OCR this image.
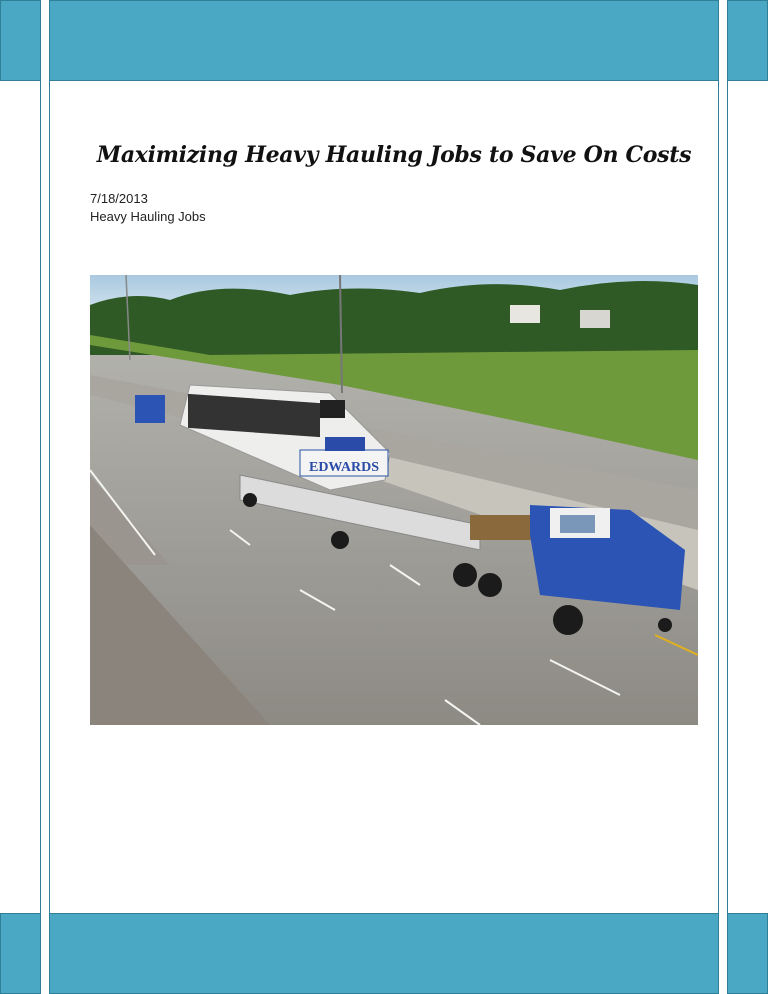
Maximizing Heavy Hauling Jobs to Save On Costs
7/18/2013
Heavy Hauling Jobs
EDWARDS
